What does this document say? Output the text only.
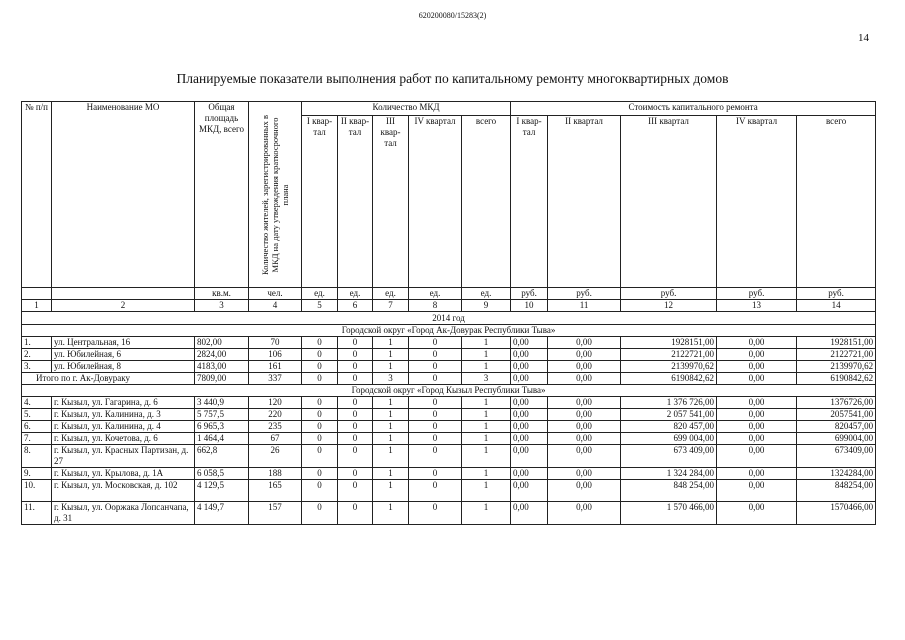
620200080/15283(2)
14
Планируемые показатели выполнения работ по капитальному ремонту многоквартирных домов
№ п/п	Наименование МО	Общая площадь МКД, всего	Количество жителей, зарегистрированных в МКД на дату утверждения краткосрочного плана	Количество МКД					Стоимость капитального ремонта				
				I квар-тал	II квар-тал	III квар-тал	IV квартал	всего	I квар-тал	II квартал	III квартал	IV квартал	всего
		кв.м.	чел.	ед.	ед.	ед.	ед.	ед.	руб.	руб.	руб.	руб.	руб.
1	2	3	4	5	6	7	8	9	10	11	12	13	14
2014 год													
Городской округ «Город Ак-Довурак Республики Тыва»													
1.	ул. Центральная, 16	802,00	70	0	0	1	0	1	0,00	0,00	1928151,00	0,00	1928151,00
2.	ул. Юбилейная, 6	2824,00	106	0	0	1	0	1	0,00	0,00	2122721,00	0,00	2122721,00
3.	ул. Юбилейная, 8	4183,00	161	0	0	1	0	1	0,00	0,00	2139970,62	0,00	2139970,62
Итого по г. Ак-Довураку		7809,00	337	0	0	3	0	3	0,00	0,00	6190842,62	0,00	6190842,62
Городской округ «Город Кызыл Республики Тыва»													
4.	г. Кызыл, ул. Гагарина, д. 6	3 440,9	120	0	0	1	0	1	0,00	0,00	1 376 726,00	0,00	1376726,00
5.	г. Кызыл, ул. Калинина, д. 3	5 757,5	220	0	0	1	0	1	0,00	0,00	2 057 541,00	0,00	2057541,00
6.	г. Кызыл, ул. Калинина, д. 4	6 965,3	235	0	0	1	0	1	0,00	0,00	820 457,00	0,00	820457,00
7.	г. Кызыл, ул. Кочетова, д. 6	1 464,4	67	0	0	1	0	1	0,00	0,00	699 004,00	0,00	699004,00
8.	г. Кызыл, ул. Красных Партизан, д. 27	662,8	26	0	0	1	0	1	0,00	0,00	673 409,00	0,00	673409,00
9.	г. Кызыл, ул. Крылова, д. 1А	6 058,5	188	0	0	1	0	1	0,00	0,00	1 324 284,00	0,00	1324284,00
10.	г. Кызыл, ул. Московская, д. 102	4 129,5	165	0	0	1	0	1	0,00	0,00	848 254,00	0,00	848254,00
11.	г. Кызыл, ул. Ооржака Лопсанчапа, д. 31	4 149,7	157	0	0	1	0	1	0,00	0,00	1 570 466,00	0,00	1570466,00
